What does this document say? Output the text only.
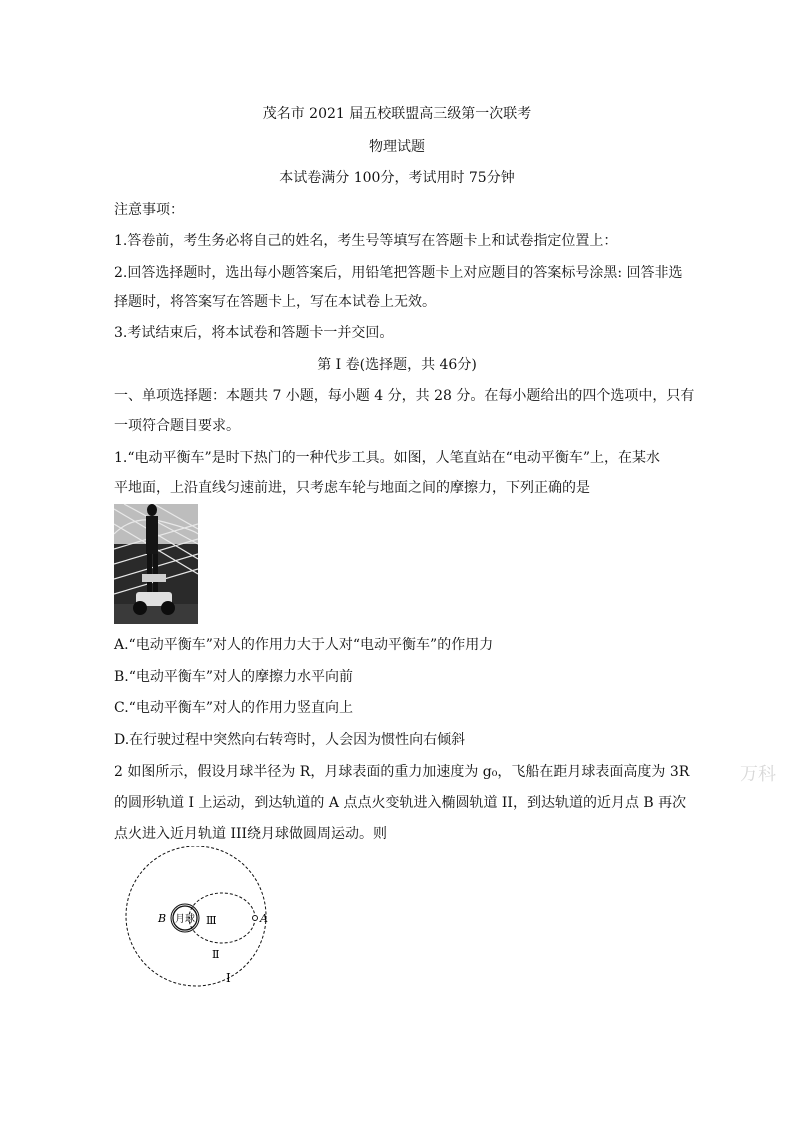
茂名市 2021 届五校联盟高三级第一次联考
物理试题
本试卷满分 100分，考试用时 75分钟
注意事项：
1.答卷前，考生务必将自己的姓名，考生号等填写在答题卡上和试卷指定位置上：
2.回答选择题时，选出每小题答案后，用铅笔把答题卡上对应题目的答案标号涂黑: 回答非选
择题时，将答案写在答题卡上，写在本试卷上无效。
3.考试结束后，将本试卷和答题卡一并交回。
第 I 卷(选择题，共 46分)
一、单项选择题：本题共 7 小题，每小题 4 分，共 28 分。在每小题给出的四个选项中，只有
一项符合题目要求。
1.“电动平衡车”是时下热门的一种代步工具。如图，人笔直站在“电动平衡车”上，在某水
平地面，上沿直线匀速前进，只考虑车轮与地面之间的摩擦力，下列正确的是
A.“电动平衡车”对人的作用力大于人对“电动平衡车”的作用力
B.“电动平衡车”对人的摩擦力水平向前
C.“电动平衡车”对人的作用力竖直向上
D.在行驶过程中突然向右转弯时，人会因为惯性向右倾斜
2 如图所示，假设月球半径为 R，月球表面的重力加速度为 g₀，飞船在距月球表面高度为 3R
的圆形轨道 I 上运动，到达轨道的 A 点点火变轨进入椭圆轨道 II，到达轨道的近月点 B 再次
点火进入近月轨道 III绕月球做圆周运动。则
B 月球 Ⅲ	A
Ⅱ
I
万科
